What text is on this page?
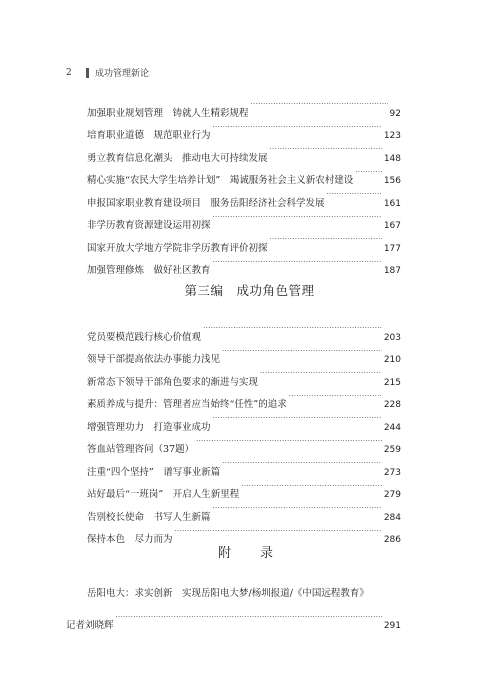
2	成功管理新论
加强职业规划管理　铸就人生精彩规程 ·····	92
培育职业道德　规范职业行为 ·····	123
勇立教育信息化潮头　推动电大可持续发展 ·····	148
精心实施“农民大学生培养计划”　竭诚服务社会主义新农村建设 ·····	156
申报国家职业教育建设项目　服务岳阳经济社会科学发展 ·····	161
非学历教育资源建设运用初探 ·····	167
国家开放大学地方学院非学历教育评价初探 ·····	177
加强管理修炼　做好社区教育 ·····	187
第三编　成功角色管理
党员要模范践行核心价值观 ·····	203
领导干部提高依法办事能力浅见 ·····	210
新常态下领导干部角色要求的渐进与实现 ·····	215
素质养成与提升：管理者应当始终“任性”的追求 ·····	228
增强管理功力　打造事业成功 ·····	244
答血站管理咨问（37题） ·····	259
注重“四个坚持”　谱写事业新篇 ·····	273
站好最后“一班岗”　开启人生新里程 ·····	279
告别校长使命　书写人生新篇 ·····	284
保持本色　尽力而为 ·····	286
附　录
岳阳电大：求实创新　实现岳阳电大梦/杨圳报道/《中国远程教育》
记者刘晓辉 ·····	291
